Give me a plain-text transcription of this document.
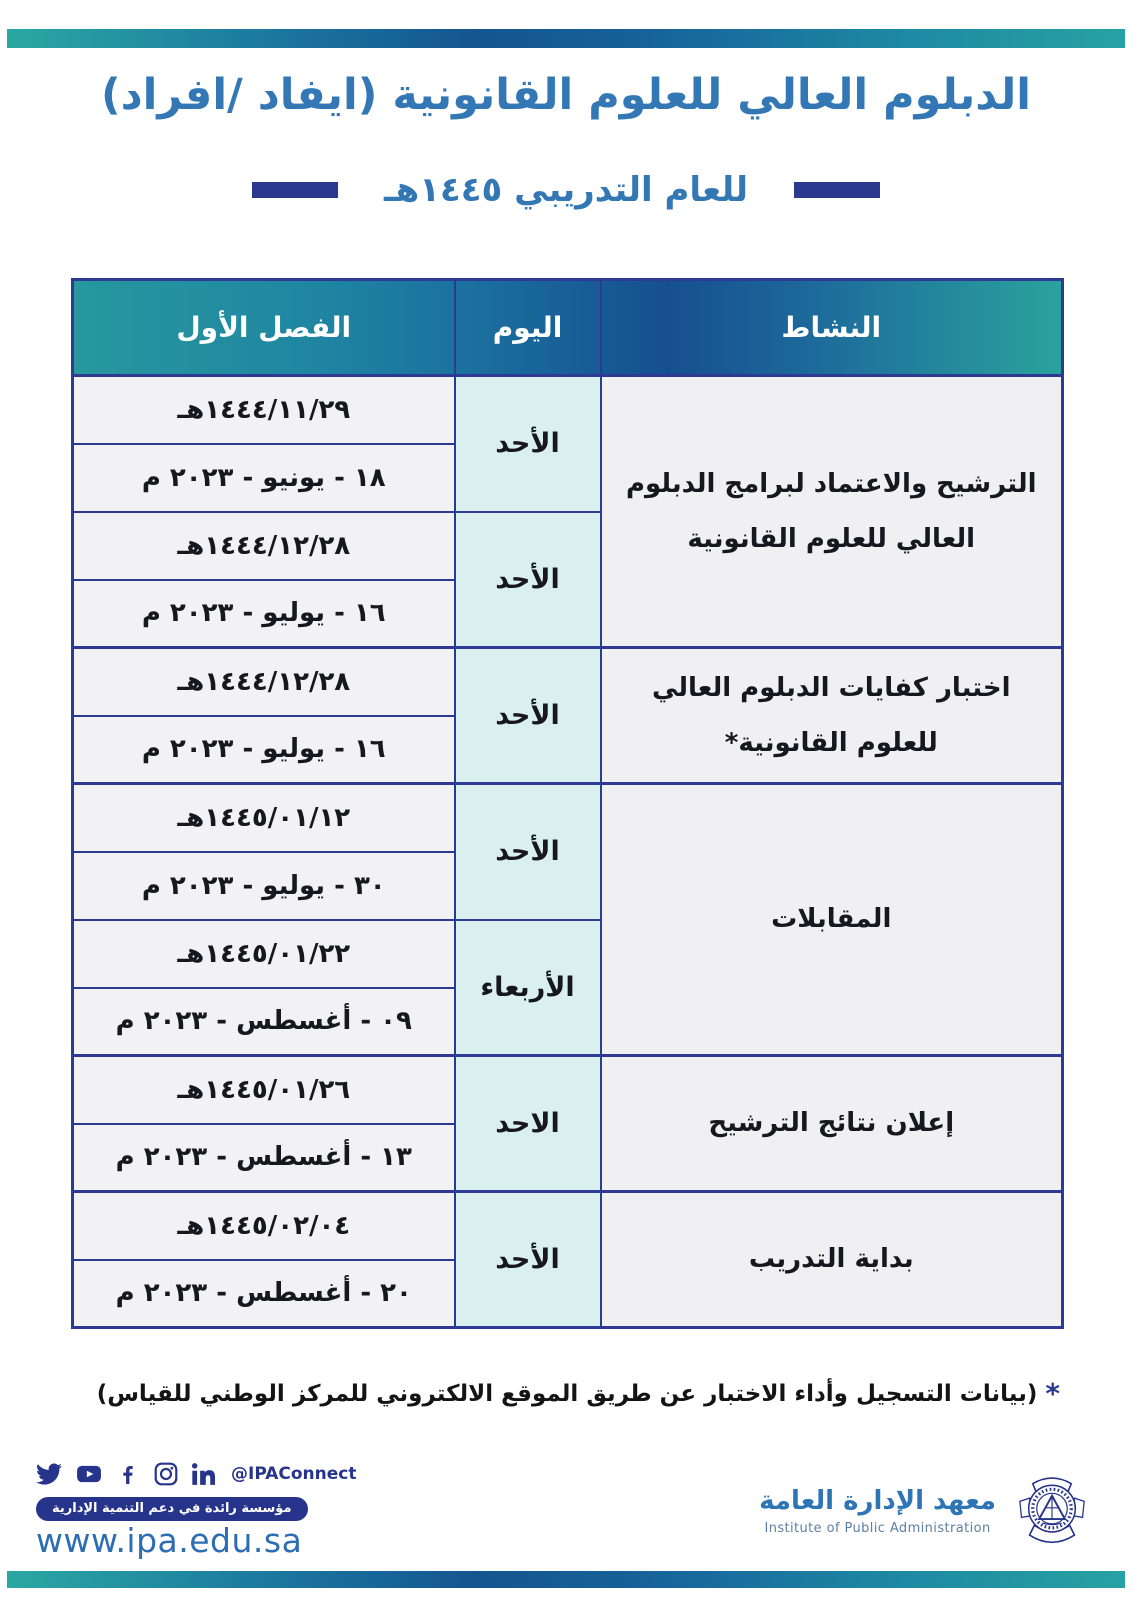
الدبلوم العالي للعلوم القانونية (ايفاد /افراد)
للعام التدريبي ١٤٤٥هـ
النشاط	اليوم	الفصل الأول
الترشيح والاعتماد لبرامج الدبلوم العالي للعلوم القانونية	الأحد	١٤٤٤/١١/٢٩هـ
		١٨ - يونيو - ٢٠٢٣ م
	الأحد	١٤٤٤/١٢/٢٨هـ
		١٦ - يوليو - ٢٠٢٣ م
اختبار كفايات الدبلوم العالي للعلوم القانونية*	الأحد	١٤٤٤/١٢/٢٨هـ
		١٦ - يوليو - ٢٠٢٣ م
المقابلات	الأحد	١٤٤٥/٠١/١٢هـ
		٣٠ - يوليو - ٢٠٢٣ م
	الأربعاء	١٤٤٥/٠١/٢٢هـ
		٠٩ - أغسطس - ٢٠٢٣ م
إعلان نتائج الترشيح	الاحد	١٤٤٥/٠١/٢٦هـ
		١٣ - أغسطس - ٢٠٢٣ م
بداية التدريب	الأحد	١٤٤٥/٠٢/٠٤هـ
		٢٠ - أغسطس - ٢٠٢٣ م
*
(بيانات التسجيل وأداء الاختبار عن طريق الموقع الالكتروني للمركز الوطني للقياس)
@IPAConnect
مؤسسة رائدة في دعم التنمية الإدارية
www.ipa.edu.sa
معهد الإدارة العامة
Institute of Public Administration
